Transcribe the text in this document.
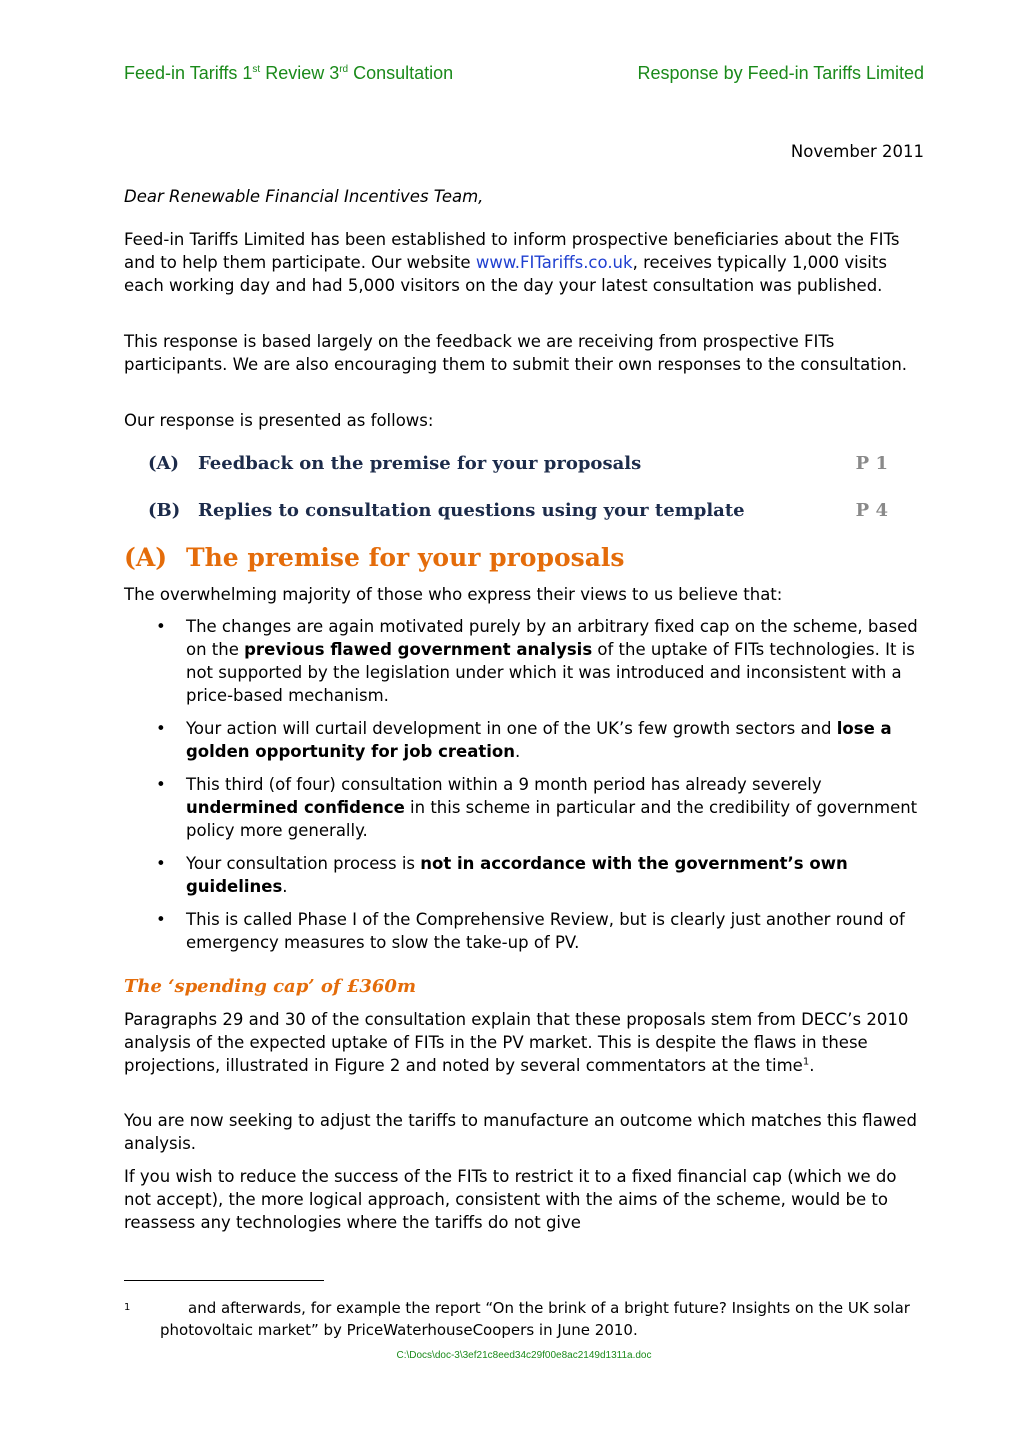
Feed-in Tariffs 1st Review 3rd Consultation	Response by Feed-in Tariffs Limited
November 2011

Dear Renewable Financial Incentives Team,

Feed-in Tariffs Limited has been established to inform prospective beneficiaries about the FITs and to help them participate. Our website www.FITariffs.co.uk, receives typically 1,000 visits each working day and had 5,000 visitors on the day your latest consultation was published.

This response is based largely on the feedback we are receiving from prospective FITs participants. We are also encouraging them to submit their own responses to the consultation.

Our response is presented as follows:

(A) Feedback on the premise for your proposals	P 1
(B) Replies to consultation questions using your template	P 4
(A) The premise for your proposals

The overwhelming majority of those who express their views to us believe that:

• The changes are again motivated purely by an arbitrary fixed cap on the scheme, based on the previous flawed government analysis of the uptake of FITs technologies. It is not supported by the legislation under which it was introduced and inconsistent with a price-based mechanism.
• Your action will curtail development in one of the UK’s few growth sectors and lose a golden opportunity for job creation.
• This third (of four) consultation within a 9 month period has already severely undermined confidence in this scheme in particular and the credibility of government policy more generally.
• Your consultation process is not in accordance with the government’s own guidelines.
• This is called Phase I of the Comprehensive Review, but is clearly just another round of emergency measures to slow the take-up of PV.
The ‘spending cap’ of £360m

Paragraphs 29 and 30 of the consultation explain that these proposals stem from DECC’s 2010 analysis of the expected uptake of FITs in the PV market. This is despite the flaws in these projections, illustrated in Figure 2 and noted by several commentators at the time$^1$.

You are now seeking to adjust the tariffs to manufacture an outcome which matches this flawed analysis.

If you wish to reduce the success of the FITs to restrict it to a fixed financial cap (which we do not accept), the more logical approach, consistent with the aims of the scheme, would be to reassess any technologies where the tariffs do not give

1	and afterwards, for example the report “On the brink of a bright future? Insights on the UK solar photovoltaic market” by PriceWaterhouseCoopers in June 2010.
C:\Docs\doc-3\3ef21c8eed34c29f00e8ac2149d1311a.doc
